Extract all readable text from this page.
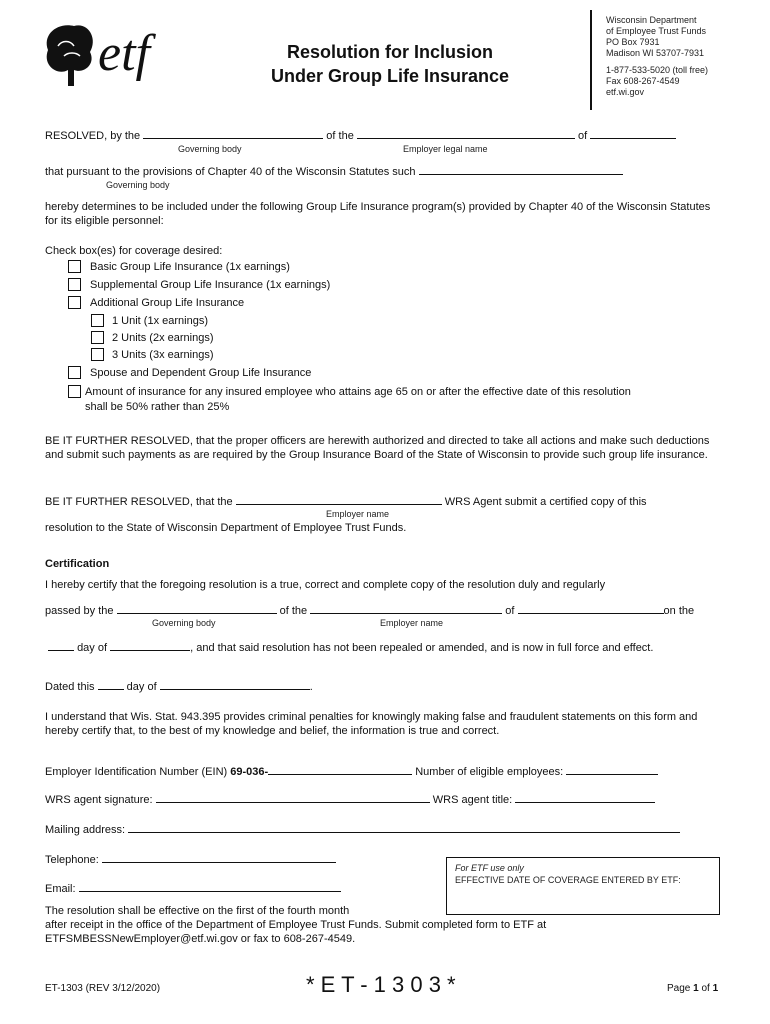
etf	Resolution for Inclusion
Under Group Life Insurance
Wisconsin Department
of Employee Trust Funds
PO Box 7931
Madison WI 53707-7931
1-877-533-5020 (toll free)
Fax 608-267-4549
etf.wi.gov
RESOLVED, by the	of the	of
Governing body	Employer legal name
that pursuant to the provisions of Chapter 40 of the Wisconsin Statutes such
Governing body
hereby determines to be included under the following Group Life Insurance program(s) provided by Chapter 40 of the Wisconsin Statutes for its eligible personnel:
Check box(es) for coverage desired:
Basic Group Life Insurance (1x earnings)
Supplemental Group Life Insurance (1x earnings)
Additional Group Life Insurance
1 Unit (1x earnings)
2 Units (2x earnings)
3 Units (3x earnings)
Spouse and Dependent Group Life Insurance
Amount of insurance for any insured employee who attains age 65 on or after the effective date of this resolution
shall be 50% rather than 25%
BE IT FURTHER RESOLVED, that the proper officers are herewith authorized and directed to take all actions and make such deductions and submit such payments as are required by the Group Insurance Board of the State of Wisconsin to provide such group life insurance.
BE IT FURTHER RESOLVED, that the	WRS Agent submit a certified copy of this
Employer name
resolution to the State of Wisconsin Department of Employee Trust Funds.
Certification
I hereby certify that the foregoing resolution is a true, correct and complete copy of the resolution duly and regularly
passed by the	of the	of	on the
Governing body	Employer name
day of	, and that said resolution has not been repealed or amended, and is now in full force and effect.
Dated this	day of	.
I understand that Wis. Stat. 943.395 provides criminal penalties for knowingly making false and fraudulent statements on this form and hereby certify that, to the best of my knowledge and belief, the information is true and correct.
Employer Identification Number (EIN) 69-036-	Number of eligible employees:
WRS agent signature:	WRS agent title:
Mailing address:
Telephone:
Email:
For ETF use only
EFFECTIVE DATE OF COVERAGE ENTERED BY ETF:
The resolution shall be effective on the first of the fourth month
after receipt in the office of the Department of Employee Trust Funds. Submit completed form to ETF at
ETFSMBESSNewEmployer@etf.wi.gov or fax to 608-267-4549.
ET-1303 (REV 3/12/2020)	* E T - 1 3 0 3 *	Page 1 of 1
